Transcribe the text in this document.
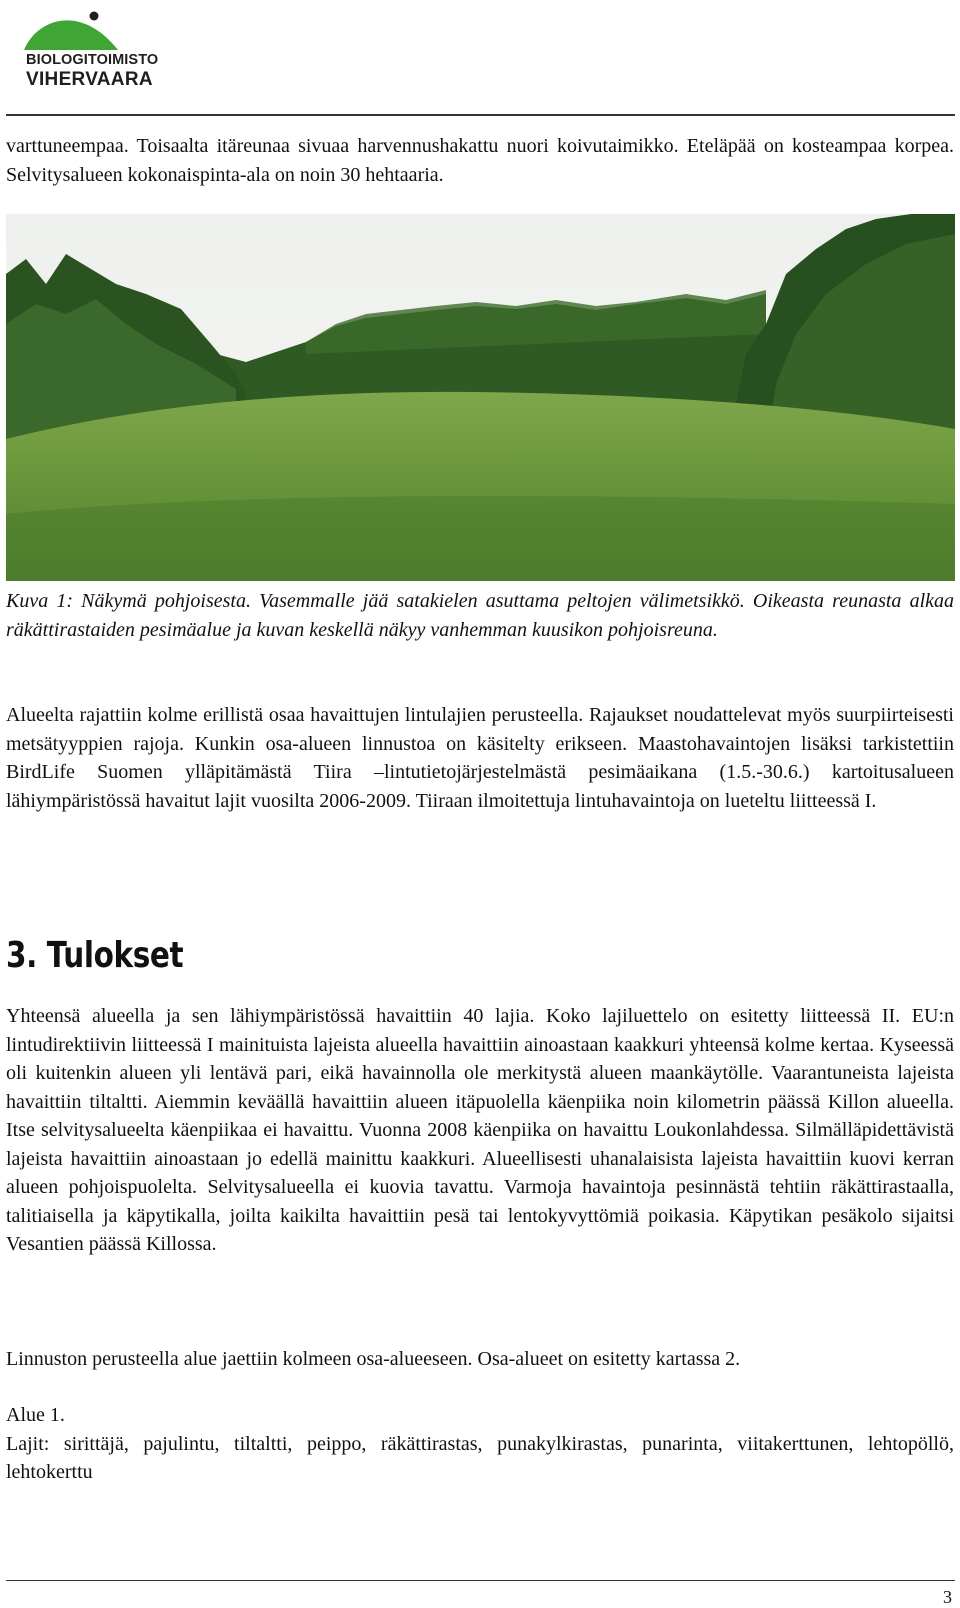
BIOLOGITOIMISTO
VIHERVAARA

varttuneempaa. Toisaalta itäreunaa sivuaa harvennushakattu nuori koivutaimikko. Eteläpää on kosteampaa korpea. Selvitysalueen kokonaispinta-ala on noin 30 hehtaaria.

Kuva 1: Näkymä pohjoisesta. Vasemmalle jää satakielen asuttama peltojen välimetsikkö. Oikeasta reunasta alkaa räkättirastaiden pesimäalue ja kuvan keskellä näkyy vanhemman kuusikon pohjoisreuna.

Alueelta rajattiin kolme erillistä osaa havaittujen lintulajien perusteella. Rajaukset noudattelevat myös suurpiirteisesti metsätyyppien rajoja. Kunkin osa-alueen linnustoa on käsitelty erikseen. Maastohavaintojen lisäksi tarkistettiin BirdLife Suomen ylläpitämästä Tiira –lintutietojärjestelmästä pesimäaikana (1.5.-30.6.) kartoitusalueen lähiympäristössä havaitut lajit vuosilta 2006-2009. Tiiraan ilmoitettuja lintuhavaintoja on lueteltu liitteessä I.

3. Tulokset

Yhteensä alueella ja sen lähiympäristössä havaittiin 40 lajia. Koko lajiluettelo on esitetty liitteessä II. EU:n lintudirektiivin liitteessä I mainituista lajeista alueella havaittiin ainoastaan kaakkuri yhteensä kolme kertaa. Kyseessä oli kuitenkin alueen yli lentävä pari, eikä havainnolla ole merkitystä alueen maankäytölle. Vaarantuneista lajeista havaittiin tiltaltti. Aiemmin keväällä havaittiin alueen itäpuolella käenpiika noin kilometrin päässä Killon alueella. Itse selvitysalueelta käenpiikaa ei havaittu. Vuonna 2008 käenpiika on havaittu Loukonlahdessa. Silmälläpidettävistä lajeista havaittiin ainoastaan jo edellä mainittu kaakkuri. Alueellisesti uhanalaisista lajeista havaittiin kuovi kerran alueen pohjoispuolelta. Selvitysalueella ei kuovia tavattu. Varmoja havaintoja pesinnästä tehtiin räkättirastaalla, talitiaisella ja käpytikalla, joilta kaikilta havaittiin pesä tai lentokyvyttömiä poikasia. Käpytikan pesäkolo sijaitsi Vesantien päässä Killossa.

Linnuston perusteella alue jaettiin kolmeen osa-alueeseen. Osa-alueet on esitetty kartassa 2.

Alue 1.
Lajit: sirittäjä, pajulintu, tiltaltti, peippo, räkättirastas, punakylkirastas, punarinta, viitakerttunen, lehtopöllö, lehtokerttu
3
